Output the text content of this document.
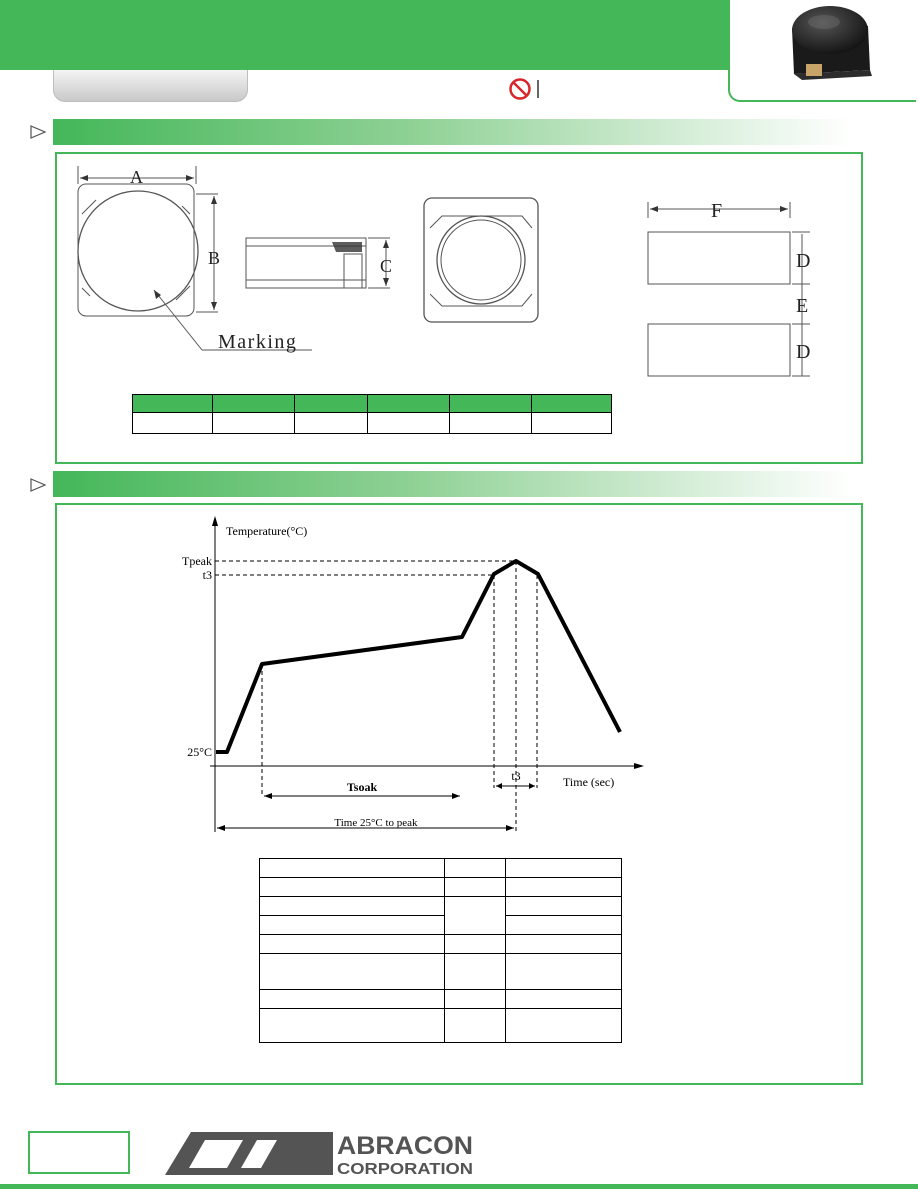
A
B	C
Marking
F
D
E
D

Temperature(°C)
Time (sec)
Tpeak
t3
25°C
Tsoak
t3
Time 25°C to peak

ABRACON
CORPORATION
